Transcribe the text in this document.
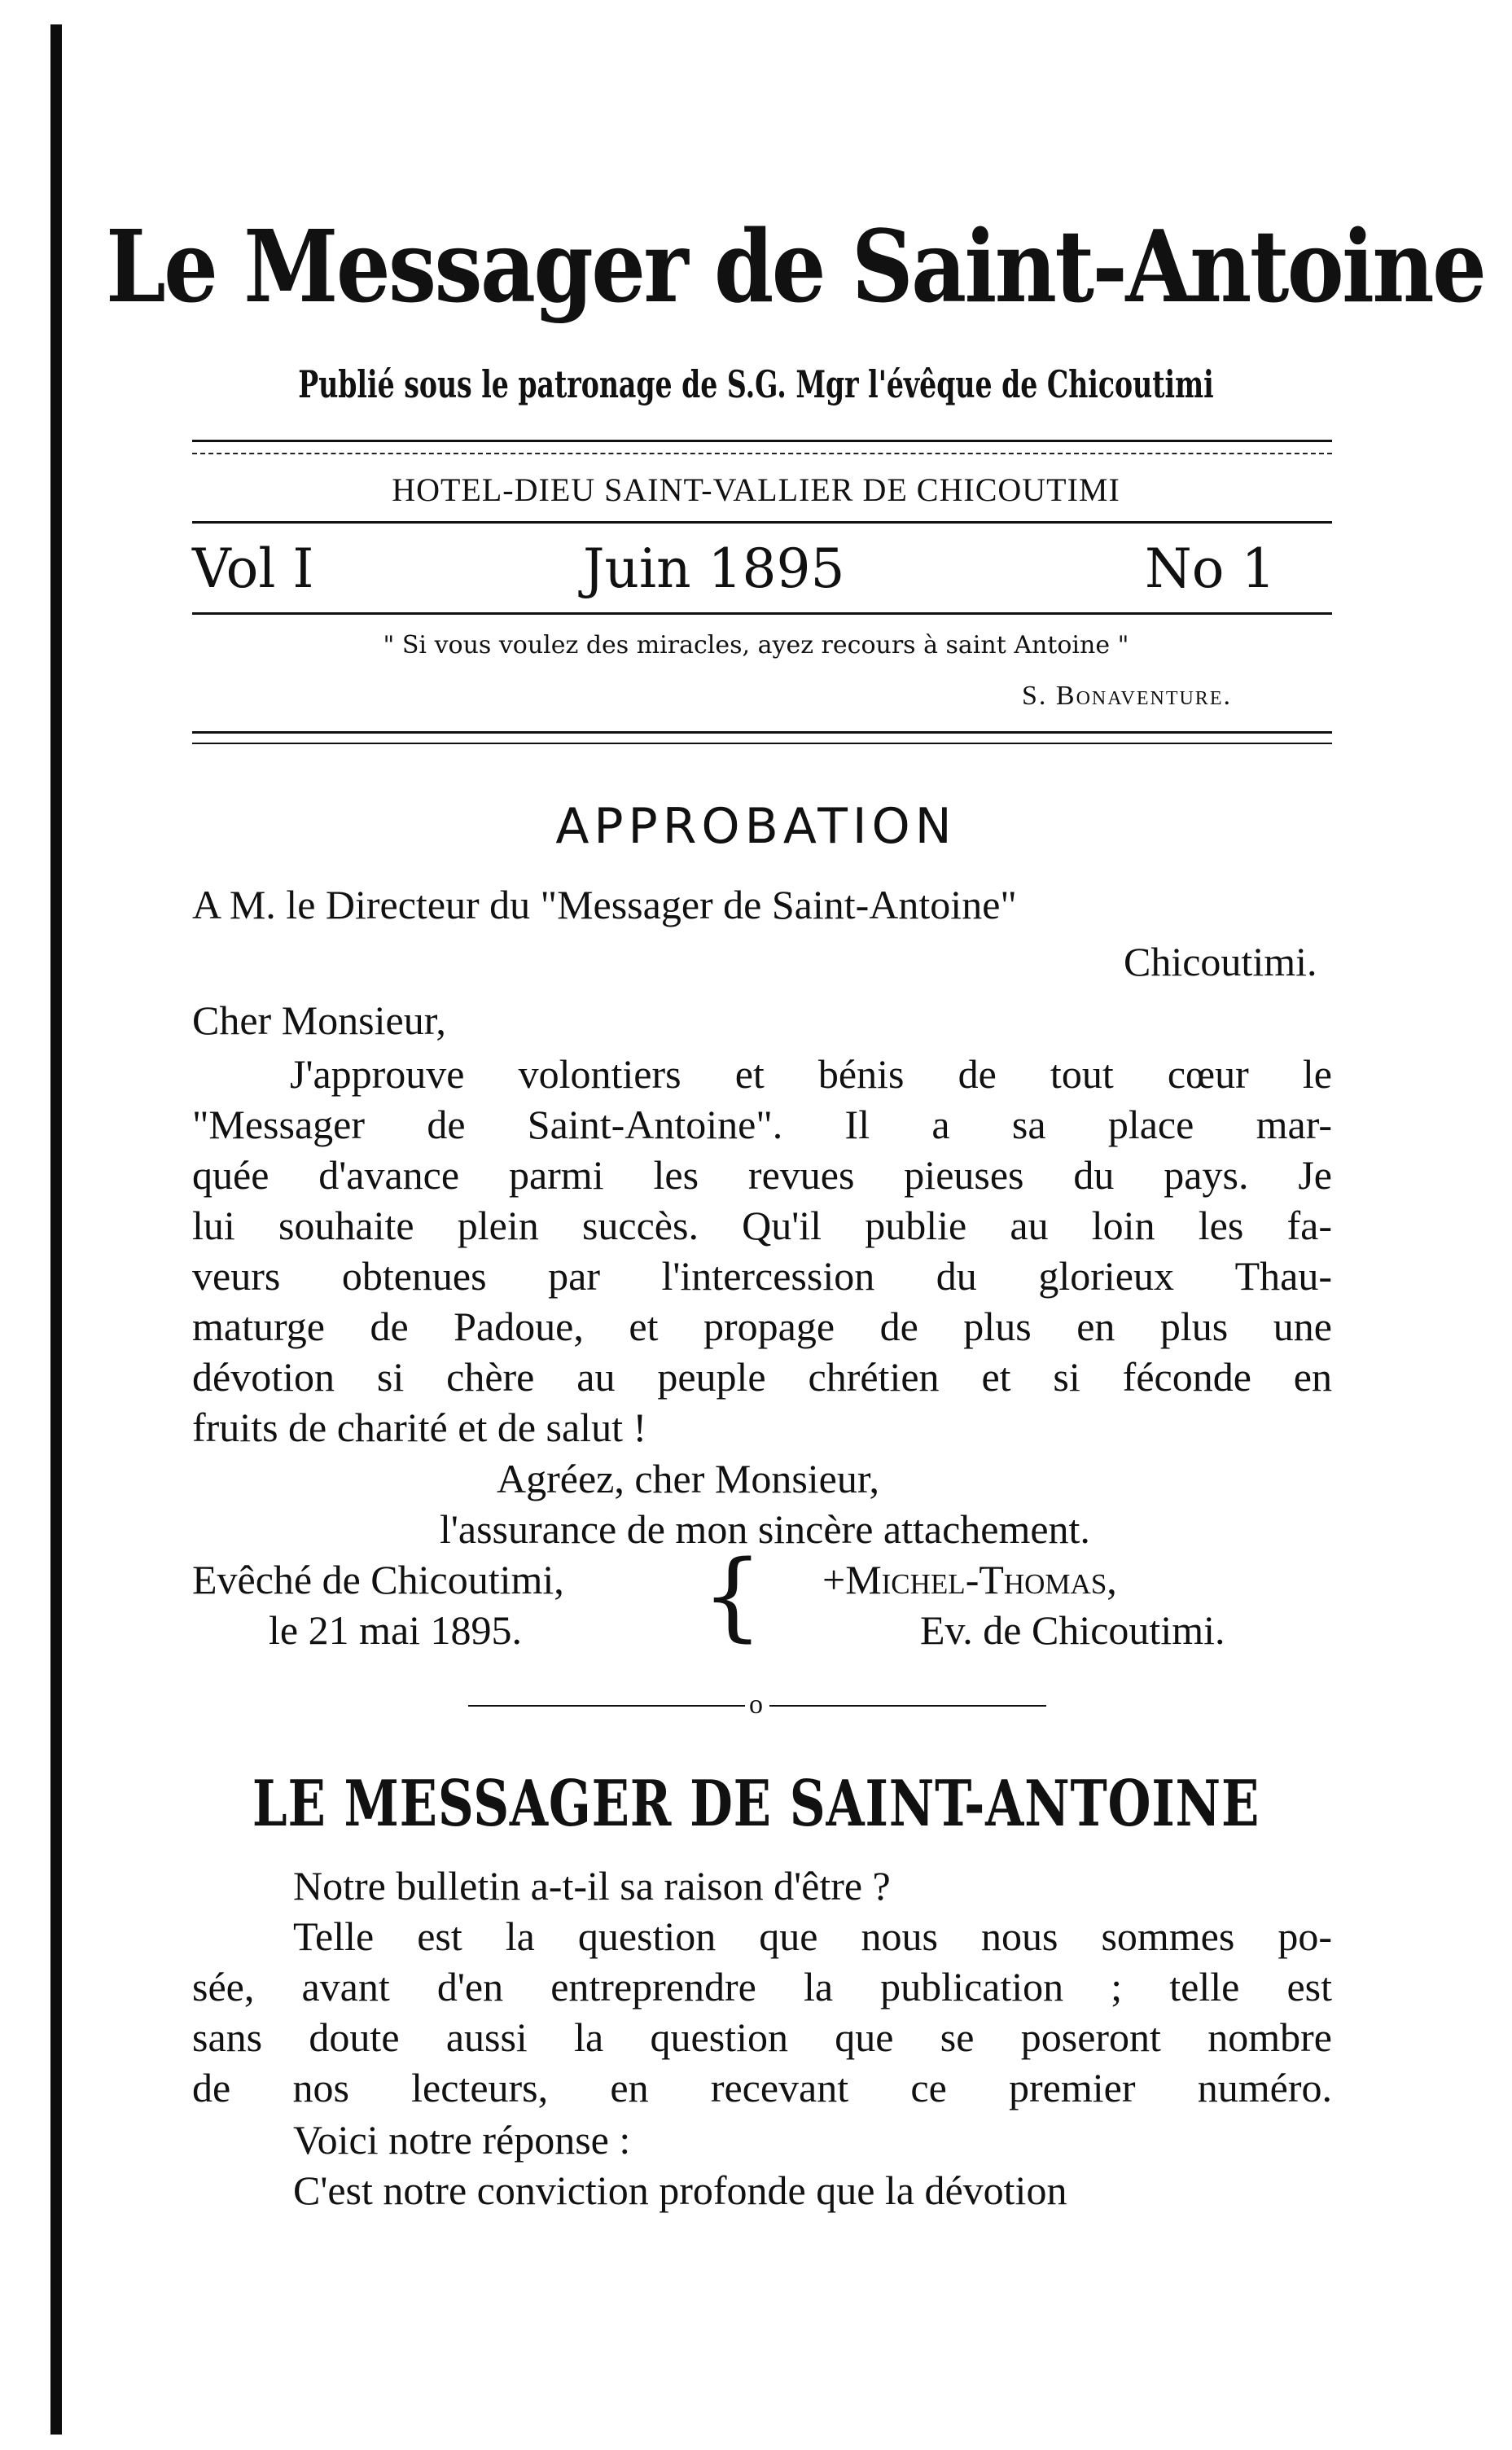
Le Messager de Saint-Antoine
Publié sous le patronage de S.G. Mgr l'évêque de Chicoutimi
HOTEL-DIEU SAINT-VALLIER DE CHICOUTIMI
Vol I	Juin 1895	No 1
" Si vous voulez des miracles, ayez recours à saint Antoine "
S. Bonaventure.
APPROBATION
A M. le Directeur du "Messager de Saint-Antoine"
Chicoutimi.
Cher Monsieur,
J'approuve volontiers et bénis de tout cœur le
"Messager de Saint-Antoine". Il a sa place mar-
quée d'avance parmi les revues pieuses du pays. Je
lui souhaite plein succès. Qu'il publie au loin les fa-
veurs obtenues par l'intercession du glorieux Thau-
maturge de Padoue, et propage de plus en plus une
dévotion si chère au peuple chrétien et si féconde en
fruits de charité et de salut !
Agréez, cher Monsieur,
l'assurance de mon sincère attachement.
Evêché de Chicoutimi,
le 21 mai 1895. { +Michel-Thomas,
Ev. de Chicoutimi.
o
LE MESSAGER DE SAINT-ANTOINE
Notre bulletin a-t-il sa raison d'être ?
Telle est la question que nous nous sommes po-
sée, avant d'en entreprendre la publication ; telle est
sans doute aussi la question que se poseront nombre
de nos lecteurs, en recevant ce premier numéro.
Voici notre réponse :
C'est notre conviction profonde que la dévotion
